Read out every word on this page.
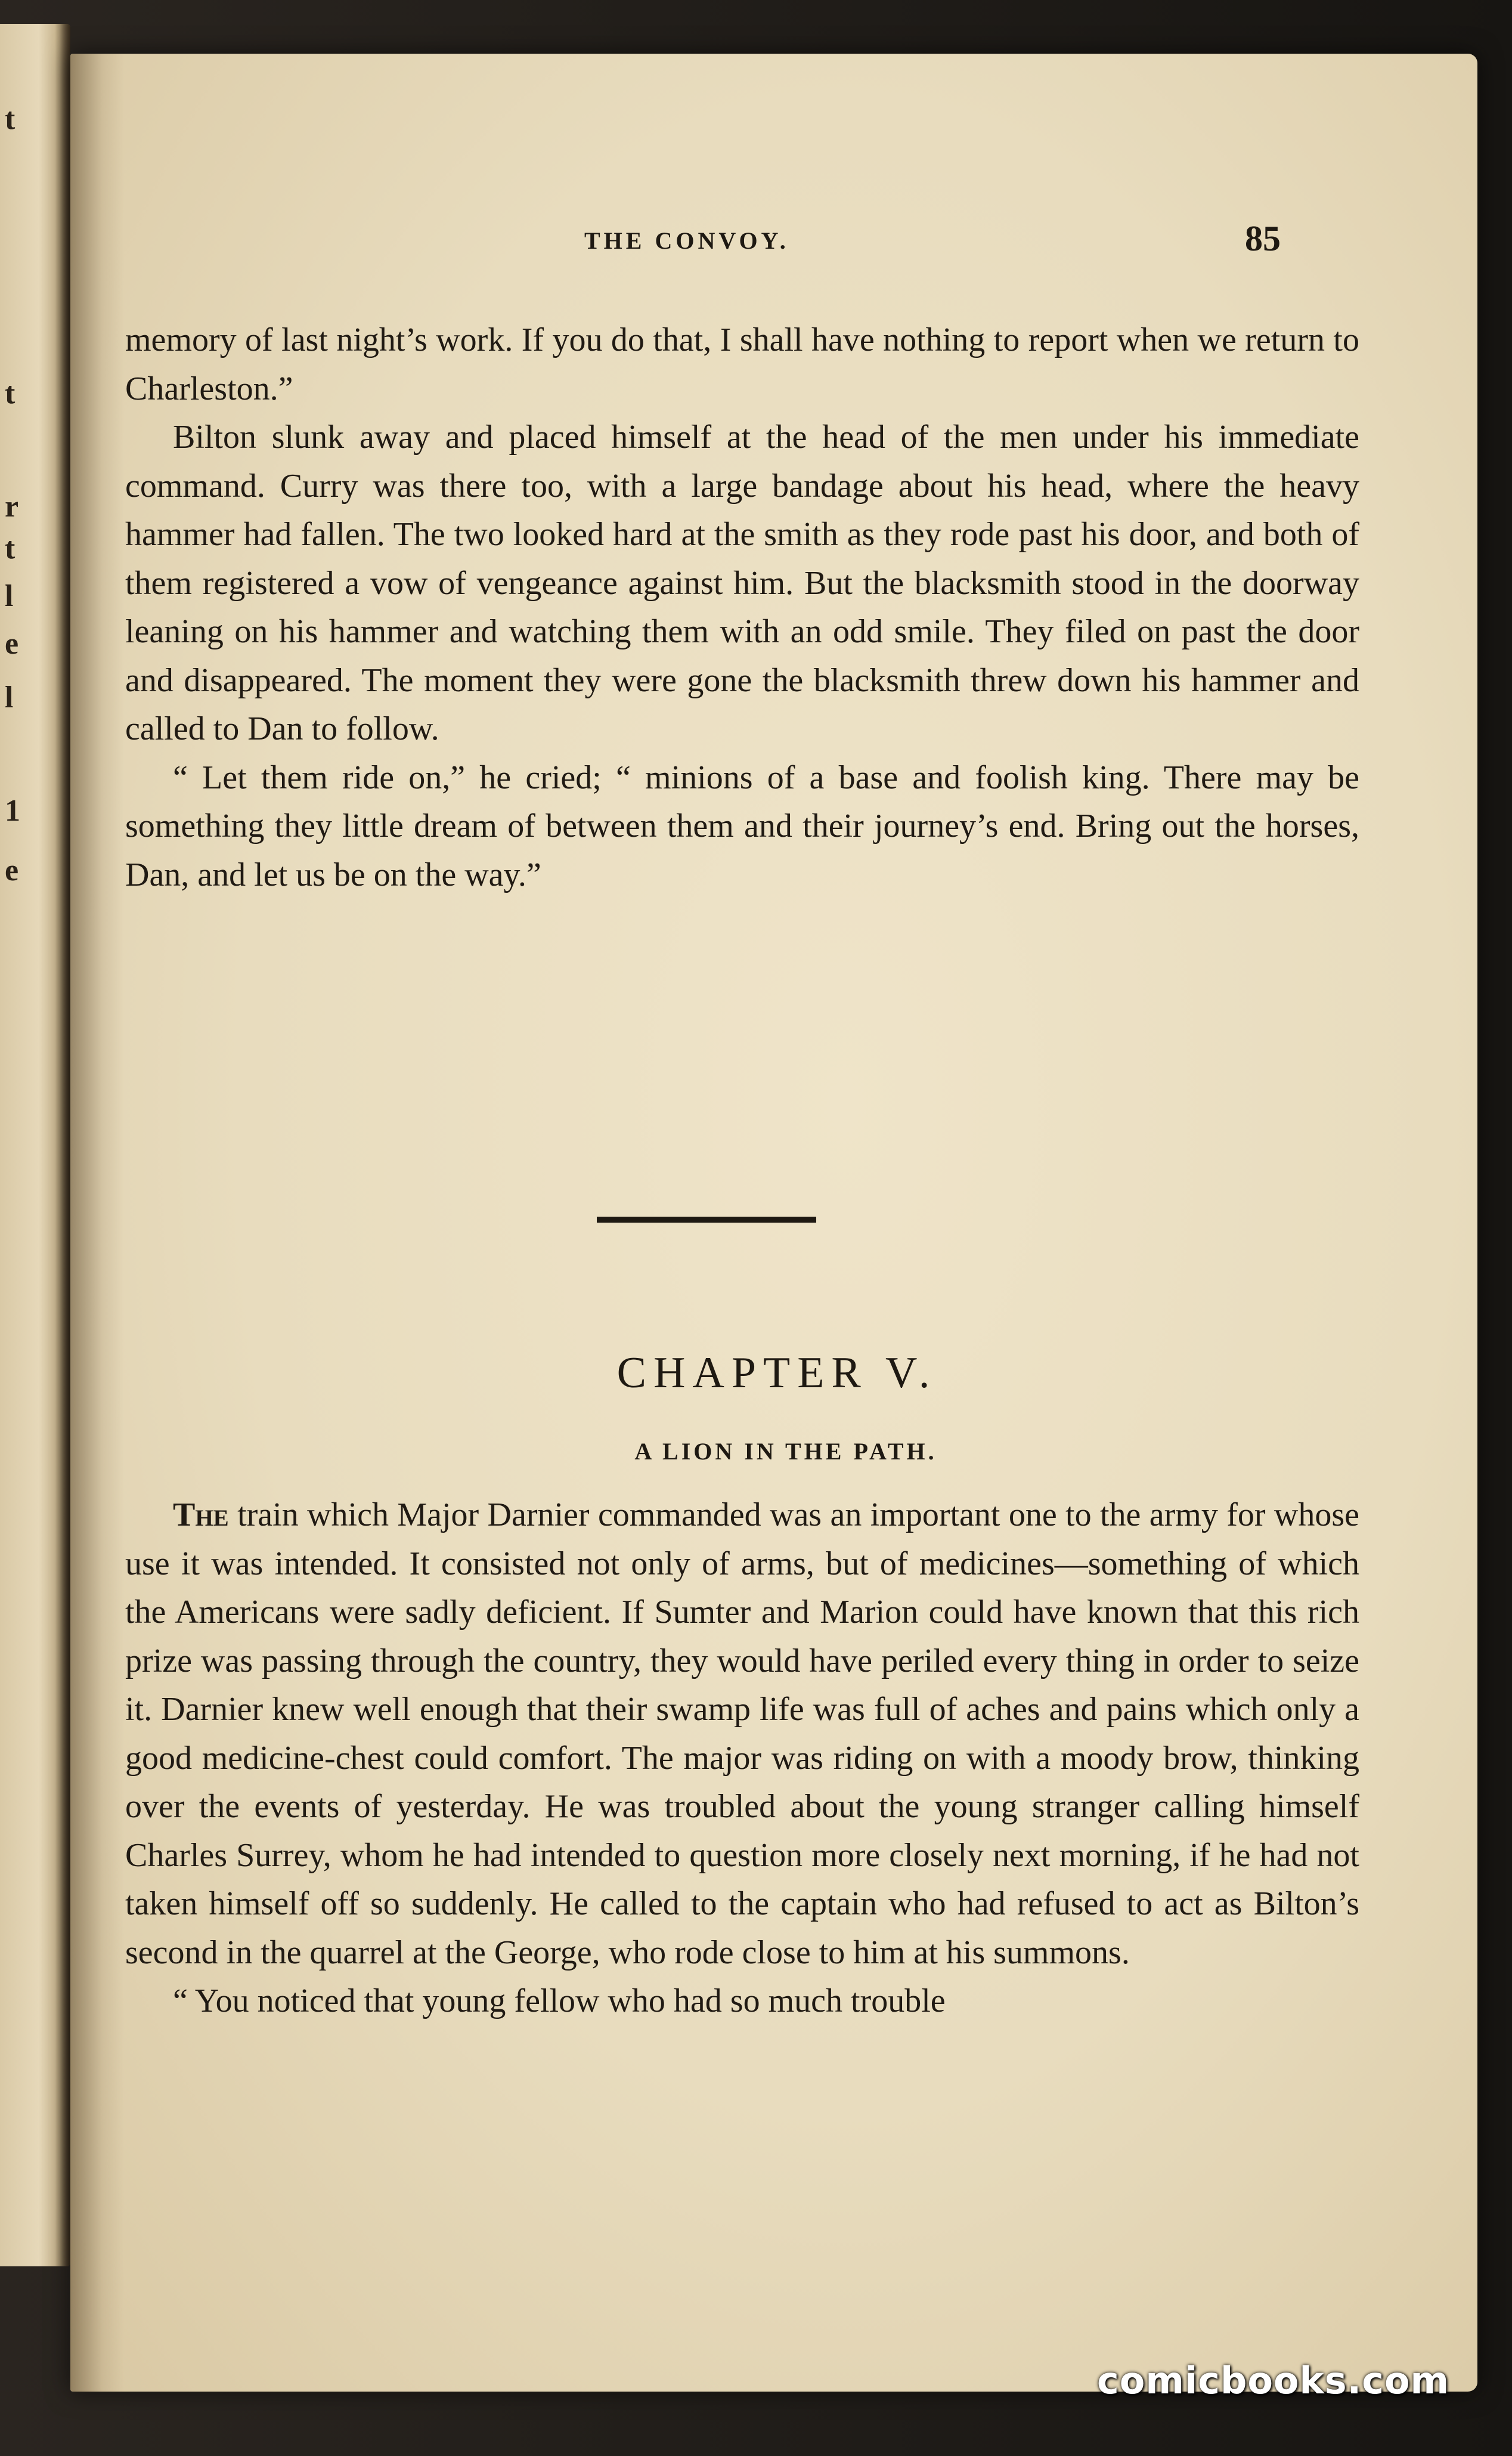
t
t
r
t
l
e
l
1
e
THE CONVOY.	85

memory of last night’s work. If you do that, I shall have nothing to report when we return to Charleston.”

Bilton slunk away and placed himself at the head of the men under his immediate command. Curry was there too, with a large bandage about his head, where the heavy hammer had fallen. The two looked hard at the smith as they rode past his door, and both of them registered a vow of vengeance against him. But the blacksmith stood in the doorway leaning on his hammer and watching them with an odd smile. They filed on past the door and disappeared. The moment they were gone the blacksmith threw down his hammer and called to Dan to follow.

“ Let them ride on,” he cried; “ minions of a base and foolish king. There may be something they little dream of between them and their journey’s end. Bring out the horses, Dan, and let us be on the way.”

CHAPTER V.
A LION IN THE PATH.

The train which Major Darnier commanded was an important one to the army for whose use it was intended. It consisted not only of arms, but of medicines—something of which the Americans were sadly deficient. If Sumter and Marion could have known that this rich prize was passing through the country, they would have periled every thing in order to seize it. Darnier knew well enough that their swamp life was full of aches and pains which only a good medicine-chest could comfort. The major was riding on with a moody brow, thinking over the events of yesterday. He was troubled about the young stranger calling himself Charles Surrey, whom he had intended to question more closely next morning, if he had not taken himself off so suddenly. He called to the captain who had refused to act as Bilton’s second in the quarrel at the George, who rode close to him at his summons.

“ You noticed that young fellow who had so much trouble

comicbooks.com
